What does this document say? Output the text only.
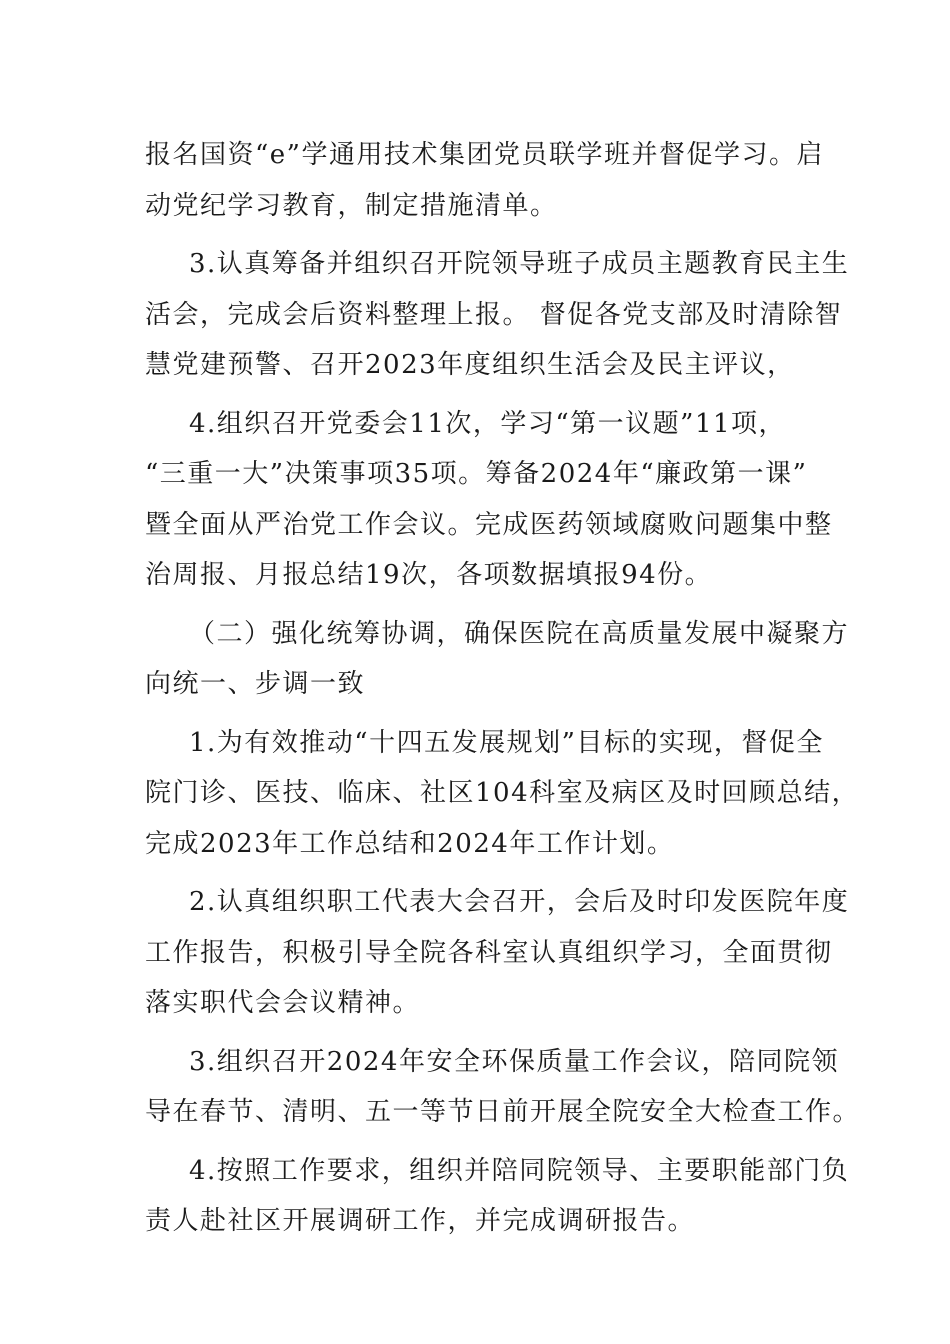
报名国资“e”学通用技术集团党员联学班并督促学习。启
动党纪学习教育，制定措施清单。
3.认真筹备并组织召开院领导班子成员主题教育民主生
活会，完成会后资料整理上报。 督促各党支部及时清除智
慧党建预警、召开2023年度组织生活会及民主评议，
4.组织召开党委会11次，学习“第一议题”11项，
“三重一大”决策事项35项。筹备2024年“廉政第一课”
暨全面从严治党工作会议。完成医药领域腐败问题集中整
治周报、月报总结19次，各项数据填报94份。
（二）强化统筹协调，确保医院在高质量发展中凝聚方
向统一、步调一致
1.为有效推动“十四五发展规划”目标的实现，督促全
院门诊、医技、临床、社区104科室及病区及时回顾总结，
完成2023年工作总结和2024年工作计划。
2.认真组织职工代表大会召开，会后及时印发医院年度
工作报告，积极引导全院各科室认真组织学习，全面贯彻
落实职代会会议精神。
3.组织召开2024年安全环保质量工作会议，陪同院领
导在春节、清明、五一等节日前开展全院安全大检查工作。
4.按照工作要求，组织并陪同院领导、主要职能部门负
责人赴社区开展调研工作，并完成调研报告。
